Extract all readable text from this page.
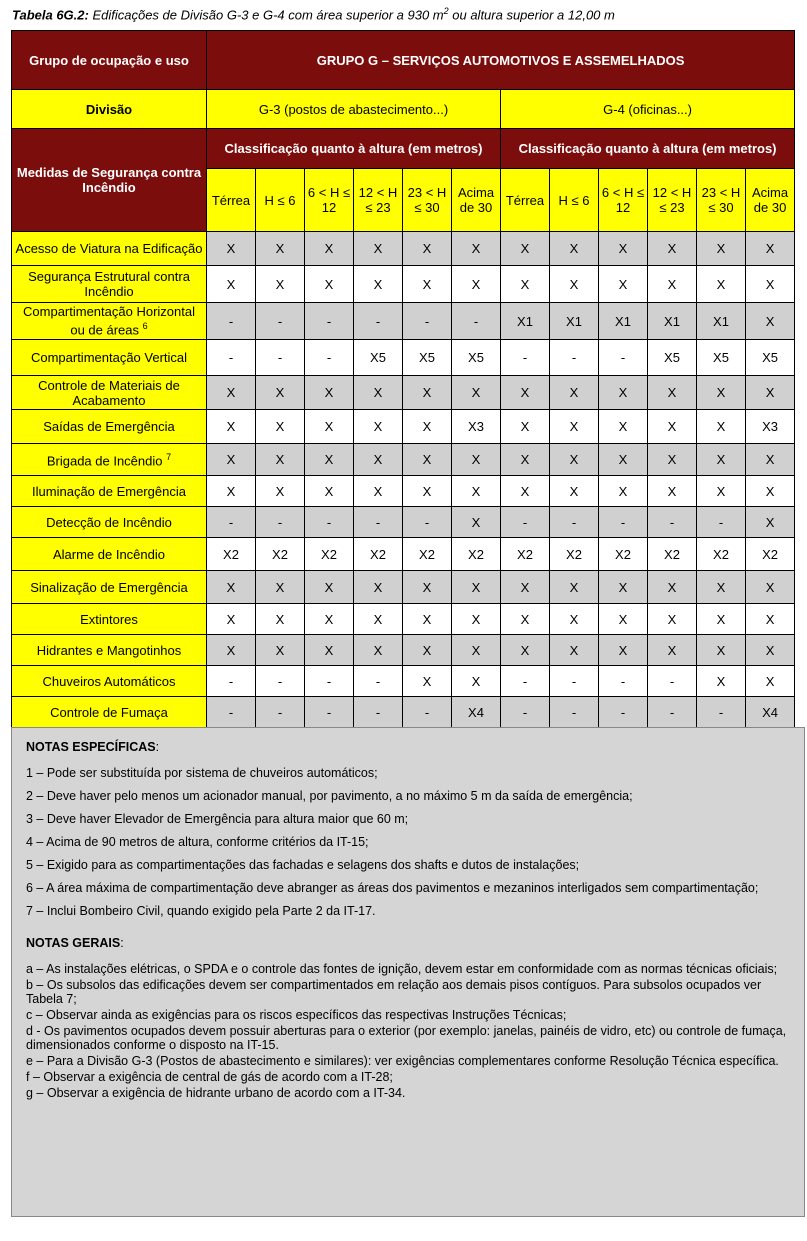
Tabela 6G.2: Edificações de Divisão G-3 e G-4 com área superior a 930 $m^2$ ou altura superior a 12,00 m
Grupo de ocupação e uso	GRUPO G – SERVIÇOS AUTOMOTIVOS E ASSEMELHADOS											
Divisão	G-3 (postos de abastecimento...)						G-4 (oficinas...)					
Medidas de Segurança contra Incêndio	Classificação quanto à altura (em metros)						Classificação quanto à altura (em metros)					
	Térrea	H ≤ 6	6 < H ≤ 12	12 < H ≤ 23	23 < H ≤ 30	Acima de 30	Térrea	H ≤ 6	6 < H ≤ 12	12 < H ≤ 23	23 < H ≤ 30	Acima de 30
Acesso de Viatura na Edificação	X	X	X	X	X	X	X	X	X	X	X	X
Segurança Estrutural contra Incêndio	X	X	X	X	X	X	X	X	X	X	X	X
Compartimentação Horizontal ou de áreas $^6$	-	-	-	-	-	-	X1	X1	X1	X1	X1	X
Compartimentação Vertical	-	-	-	X5	X5	X5	-	-	-	X5	X5	X5
Controle de Materiais de Acabamento	X	X	X	X	X	X	X	X	X	X	X	X
Saídas de Emergência	X	X	X	X	X	X3	X	X	X	X	X	X3
Brigada de Incêndio $^7$	X	X	X	X	X	X	X	X	X	X	X	X
Iluminação de Emergência	X	X	X	X	X	X	X	X	X	X	X	X
Detecção de Incêndio	-	-	-	-	-	X	-	-	-	-	-	X
Alarme de Incêndio	X2	X2	X2	X2	X2	X2	X2	X2	X2	X2	X2	X2
Sinalização de Emergência	X	X	X	X	X	X	X	X	X	X	X	X
Extintores	X	X	X	X	X	X	X	X	X	X	X	X
Hidrantes e Mangotinhos	X	X	X	X	X	X	X	X	X	X	X	X
Chuveiros Automáticos	-	-	-	-	X	X	-	-	-	-	X	X
Controle de Fumaça	-	-	-	-	-	X4	-	-	-	-	-	X4
NOTAS ESPECÍFICAS:

1 – Pode ser substituída por sistema de chuveiros automáticos;

2 – Deve haver pelo menos um acionador manual, por pavimento, a no máximo 5 m da saída de emergência;

3 – Deve haver Elevador de Emergência para altura maior que 60 m;

4 – Acima de 90 metros de altura, conforme critérios da IT-15;

5 – Exigido para as compartimentações das fachadas e selagens dos shafts e dutos de instalações;

6 – A área máxima de compartimentação deve abranger as áreas dos pavimentos e mezaninos interligados sem compartimentação;

7 – Inclui Bombeiro Civil, quando exigido pela Parte 2 da IT-17.

NOTAS GERAIS:

a – As instalações elétricas, o SPDA e o controle das fontes de ignição, devem estar em conformidade com as normas técnicas oficiais;

b – Os subsolos das edificações devem ser compartimentados em relação aos demais pisos contíguos. Para subsolos ocupados ver Tabela 7;

c – Observar ainda as exigências para os riscos específicos das respectivas Instruções Técnicas;

d - Os pavimentos ocupados devem possuir aberturas para o exterior (por exemplo: janelas, painéis de vidro, etc) ou controle de fumaça, dimensionados conforme o disposto na IT-15.

e – Para a Divisão G-3 (Postos de abastecimento e similares): ver exigências complementares conforme Resolução Técnica específica.

f – Observar a exigência de central de gás de acordo com a IT-28;

g – Observar a exigência de hidrante urbano de acordo com a IT-34.
